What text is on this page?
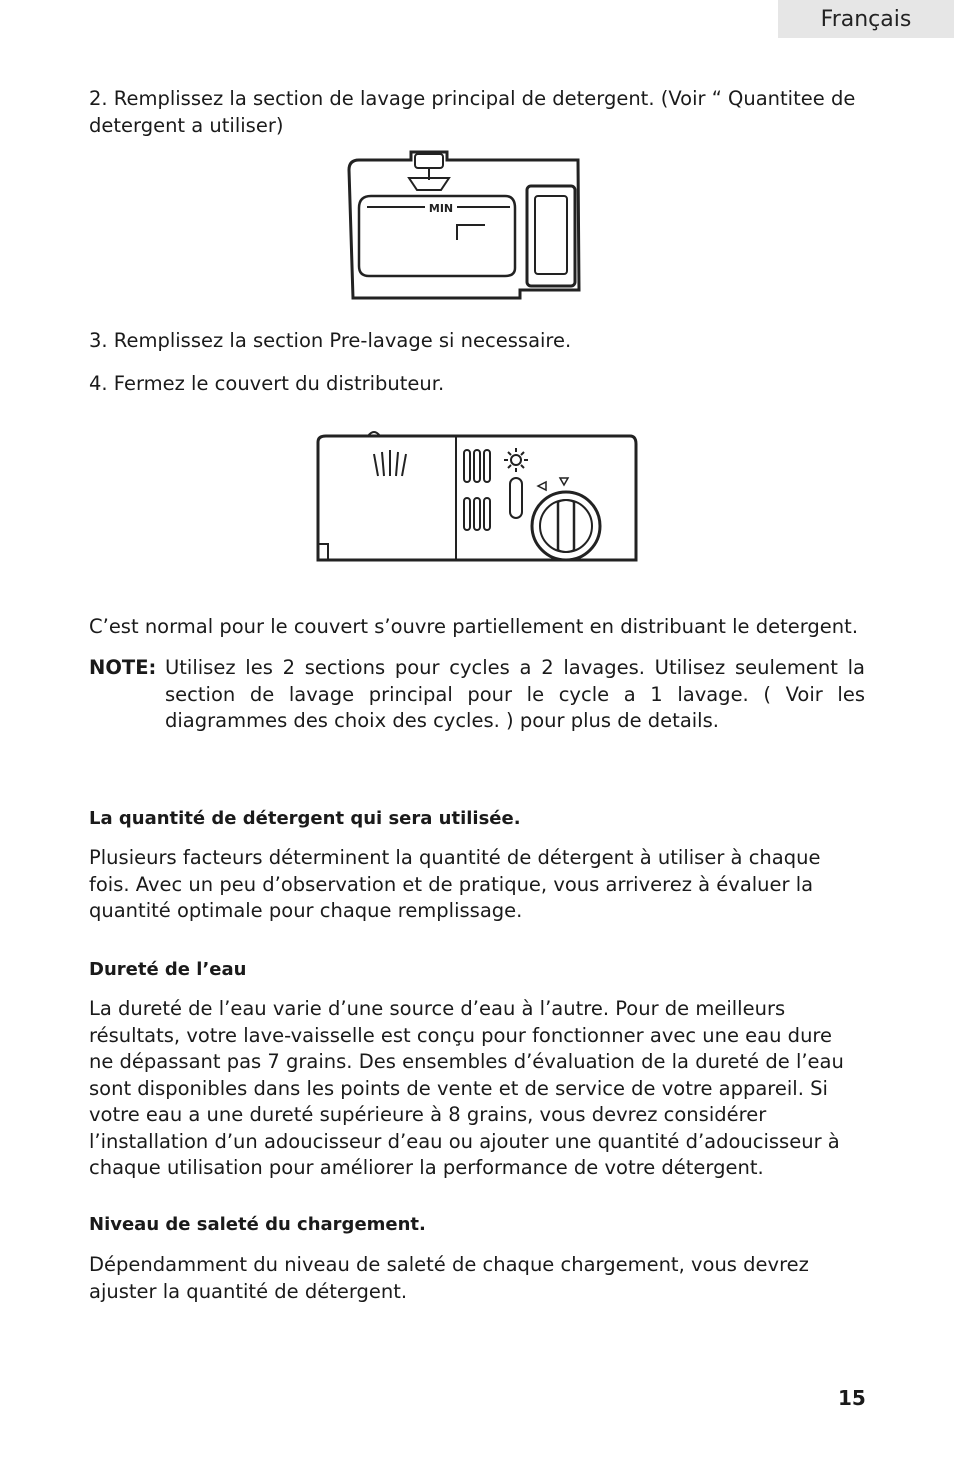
Français

2. Remplissez la section de lavage principal de detergent. (Voir “ Quantitee de detergent a utiliser)

MIN

3. Remplissez la section Pre-lavage si necessaire.

4. Fermez le couvert du distributeur.

C’est normal pour le couvert s’ouvre partiellement en distribuant le detergent.

NOTE: Utilisez les 2 sections pour cycles a 2 lavages. Utilisez seulement la section de lavage principal pour le cycle a 1 lavage. ( Voir les diagrammes des choix des cycles. ) pour plus de details.

La quantité de détergent qui sera utilisée.

Plusieurs facteurs déterminent la quantité de détergent à utiliser à chaque fois. Avec un peu d’observation et de pratique, vous arriverez à évaluer la quantité optimale pour chaque remplissage.

Dureté de l’eau

La dureté de l’eau varie d’une source d’eau à l’autre. Pour de meilleurs résultats, votre lave-vaisselle est conçu pour fonctionner avec une eau dure ne dépassant pas 7 grains. Des ensembles d’évaluation de la dureté de l’eau sont disponibles dans les points de vente et de service de votre appareil. Si votre eau a une dureté supérieure à 8 grains, vous devrez considérer l’installation d’un adoucisseur d’eau ou ajouter une quantité d’adoucisseur à chaque utilisation pour améliorer la performance de votre détergent.

Niveau de saleté du chargement.

Dépendamment du niveau de saleté de chaque chargement, vous devrez ajuster la quantité de détergent.

15
